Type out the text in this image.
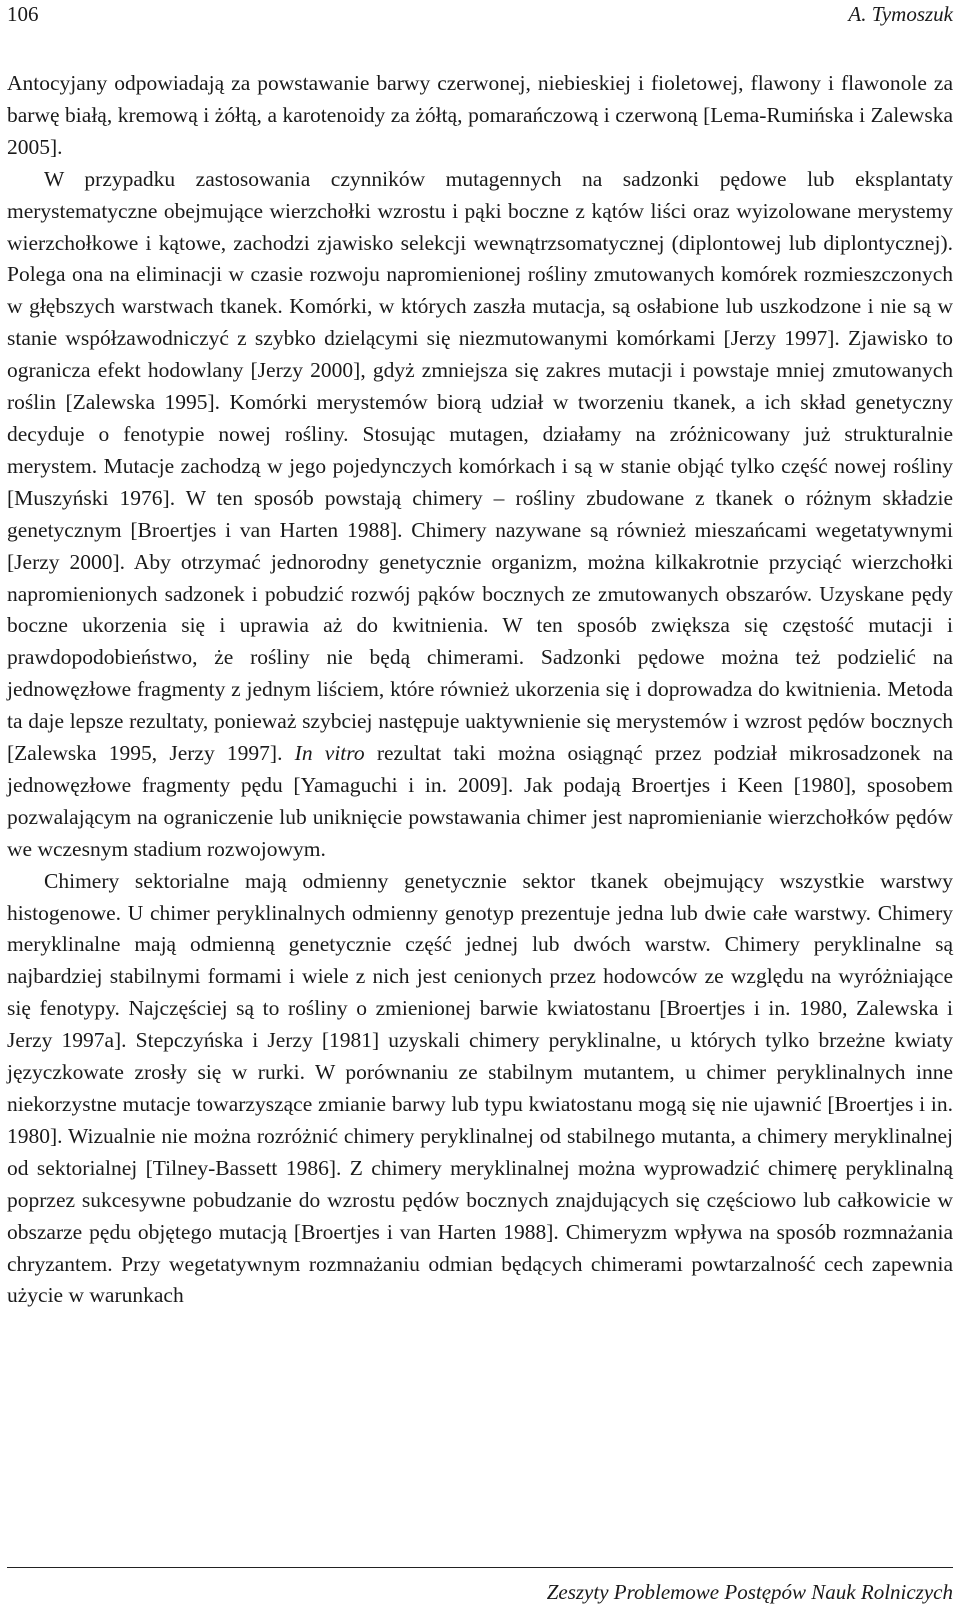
106	A. Tymoszuk

Antocyjany odpowiadają za powstawanie barwy czerwonej, niebieskiej i fioletowej, flawony i flawonole za barwę białą, kremową i żółtą, a karotenoidy za żółtą, pomarańczową i czerwoną [Lema-Rumińska i Zalewska 2005].

W przypadku zastosowania czynników mutagennych na sadzonki pędowe lub eksplantaty merystematyczne obejmujące wierzchołki wzrostu i pąki boczne z kątów liści oraz wyizolowane merystemy wierzchołkowe i kątowe, zachodzi zjawisko selekcji wewnątrzsomatycznej (diplontowej lub diplontycznej). Polega ona na eliminacji w czasie rozwoju napromienionej rośliny zmutowanych komórek rozmieszczonych w głębszych warstwach tkanek. Komórki, w których zaszła mutacja, są osłabione lub uszkodzone i nie są w stanie współzawodniczyć z szybko dzielącymi się niezmutowanymi komórkami [Jerzy 1997]. Zjawisko to ogranicza efekt hodowlany [Jerzy 2000], gdyż zmniejsza się zakres mutacji i powstaje mniej zmutowanych roślin [Zalewska 1995]. Komórki merystemów biorą udział w tworzeniu tkanek, a ich skład genetyczny decyduje o fenotypie nowej rośliny. Stosując mutagen, działamy na zróżnicowany już strukturalnie merystem. Mutacje zachodzą w jego pojedynczych komórkach i są w stanie objąć tylko część nowej rośliny [Muszyński 1976]. W ten sposób powstają chimery – rośliny zbudowane z tkanek o różnym składzie genetycznym [Broertjes i van Harten 1988]. Chimery nazywane są również mieszańcami wegetatywnymi [Jerzy 2000]. Aby otrzymać jednorodny genetycznie organizm, można kilkakrotnie przyciąć wierzchołki napromienionych sadzonek i pobudzić rozwój pąków bocznych ze zmutowanych obszarów. Uzyskane pędy boczne ukorzenia się i uprawia aż do kwitnienia. W ten sposób zwiększa się częstość mutacji i prawdopodobieństwo, że rośliny nie będą chimerami. Sadzonki pędowe można też podzielić na jednowęzłowe fragmenty z jednym liściem, które również ukorzenia się i doprowadza do kwitnienia. Metoda ta daje lepsze rezultaty, ponieważ szybciej następuje uaktywnienie się merystemów i wzrost pędów bocznych [Zalewska 1995, Jerzy 1997]. In vitro rezultat taki można osiągnąć przez podział mikrosadzonek na jednowęzłowe fragmenty pędu [Yamaguchi i in. 2009]. Jak podają Broertjes i Keen [1980], sposobem pozwalającym na ograniczenie lub uniknięcie powstawania chimer jest napromienianie wierzchołków pędów we wczesnym stadium rozwojowym.

Chimery sektorialne mają odmienny genetycznie sektor tkanek obejmujący wszystkie warstwy histogenowe. U chimer peryklinalnych odmienny genotyp prezentuje jedna lub dwie całe warstwy. Chimery meryklinalne mają odmienną genetycznie część jednej lub dwóch warstw. Chimery peryklinalne są najbardziej stabilnymi formami i wiele z nich jest cenionych przez hodowców ze względu na wyróżniające się fenotypy. Najczęściej są to rośliny o zmienionej barwie kwiatostanu [Broertjes i in. 1980, Zalewska i Jerzy 1997a]. Stepczyńska i Jerzy [1981] uzyskali chimery peryklinalne, u których tylko brzeżne kwiaty języczkowate zrosły się w rurki. W porównaniu ze stabilnym mutantem, u chimer peryklinalnych inne niekorzystne mutacje towarzyszące zmianie barwy lub typu kwiatostanu mogą się nie ujawnić [Broertjes i in. 1980]. Wizualnie nie można rozróżnić chimery peryklinalnej od stabilnego mutanta, a chimery meryklinalnej od sektorialnej [Tilney-Bassett 1986]. Z chimery meryklinalnej można wyprowadzić chimerę peryklinalną poprzez sukcesywne pobudzanie do wzrostu pędów bocznych znajdujących się częściowo lub całkowicie w obszarze pędu objętego mutacją [Broertjes i van Harten 1988]. Chimeryzm wpływa na sposób rozmnażania chryzantem. Przy wegetatywnym rozmnażaniu odmian będących chimerami powtarzalność cech zapewnia użycie w warunkach

Zeszyty Problemowe Postępów Nauk Rolniczych
